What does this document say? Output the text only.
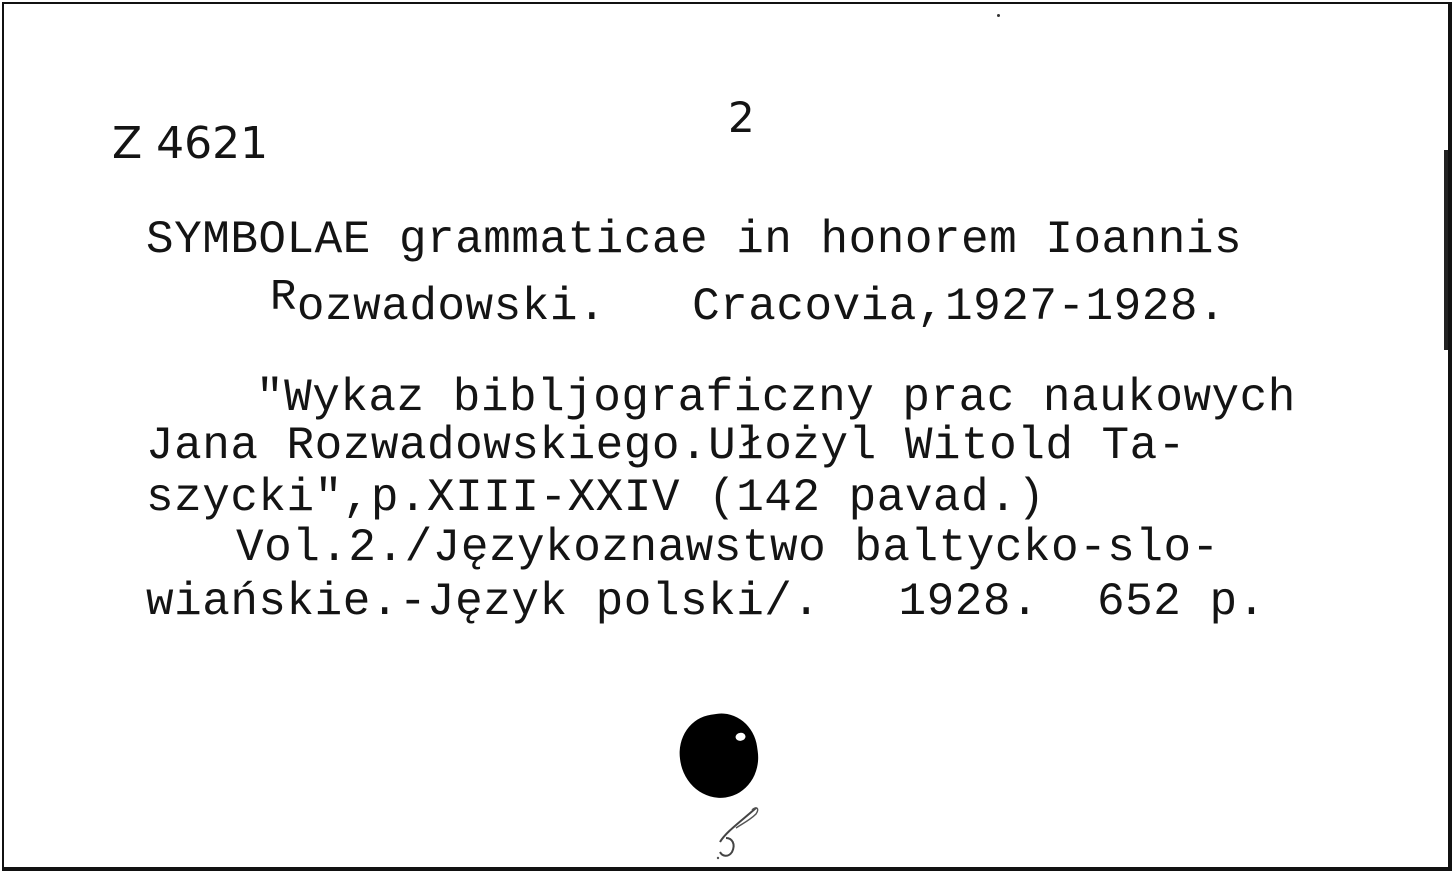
Z 4621
2
SYMBOLAE grammaticae in honorem Ioannis
Rozwadowski. Cracovia,1927-1928.
"Wykaz bibljograficzny prac naukowych
Jana Rozwadowskiego.Ułożyl Witold Ta-
szycki",p.XIII-XXIV (142 pavad.)
Vol.2./Językoznawstwo baltycko-slo-
wiańskie.-Język polski/. 1928. 652 p.
